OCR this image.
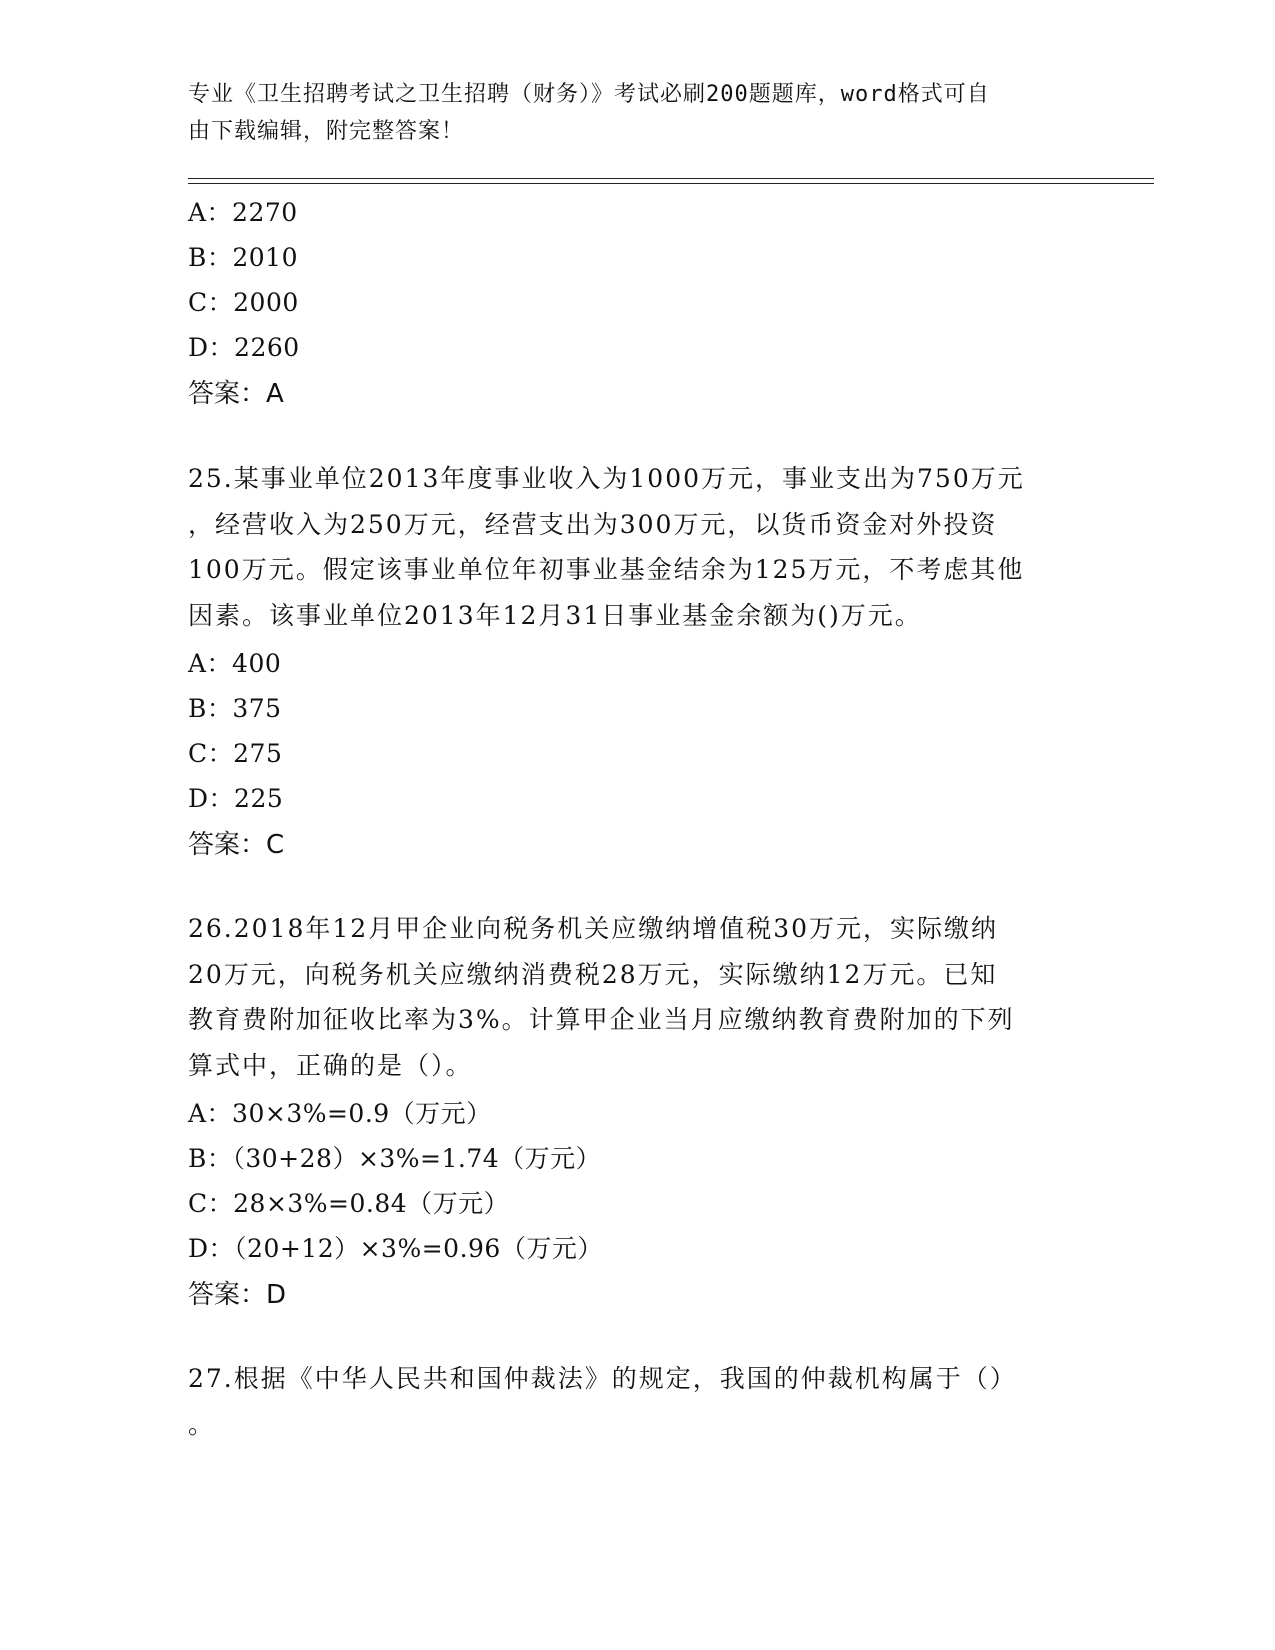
专业《卫生招聘考试之卫生招聘（财务）》考试必刷200题题库，word格式可自
由下载编辑，附完整答案！
A：2270
B：2010
C：2000
D：2260
答案：A
25.某事业单位2013年度事业收入为1000万元，事业支出为750万元
，经营收入为250万元，经营支出为300万元，以货币资金对外投资
100万元。假定该事业单位年初事业基金结余为125万元，不考虑其他
因素。该事业单位2013年12月31日事业基金余额为()万元。
A：400
B：375
C：275
D：225
答案：C
26.2018年12月甲企业向税务机关应缴纳增值税30万元，实际缴纳
20万元，向税务机关应缴纳消费税28万元，实际缴纳12万元。已知
教育费附加征收比率为3%。计算甲企业当月应缴纳教育费附加的下列
算式中，正确的是（）。
A：30×3%=0.9（万元）
B：（30+28）×3%=1.74（万元）
C：28×3%=0.84（万元）
D：（20+12）×3%=0.96（万元）
答案：D
27.根据《中华人民共和国仲裁法》的规定，我国的仲裁机构属于（）
。
